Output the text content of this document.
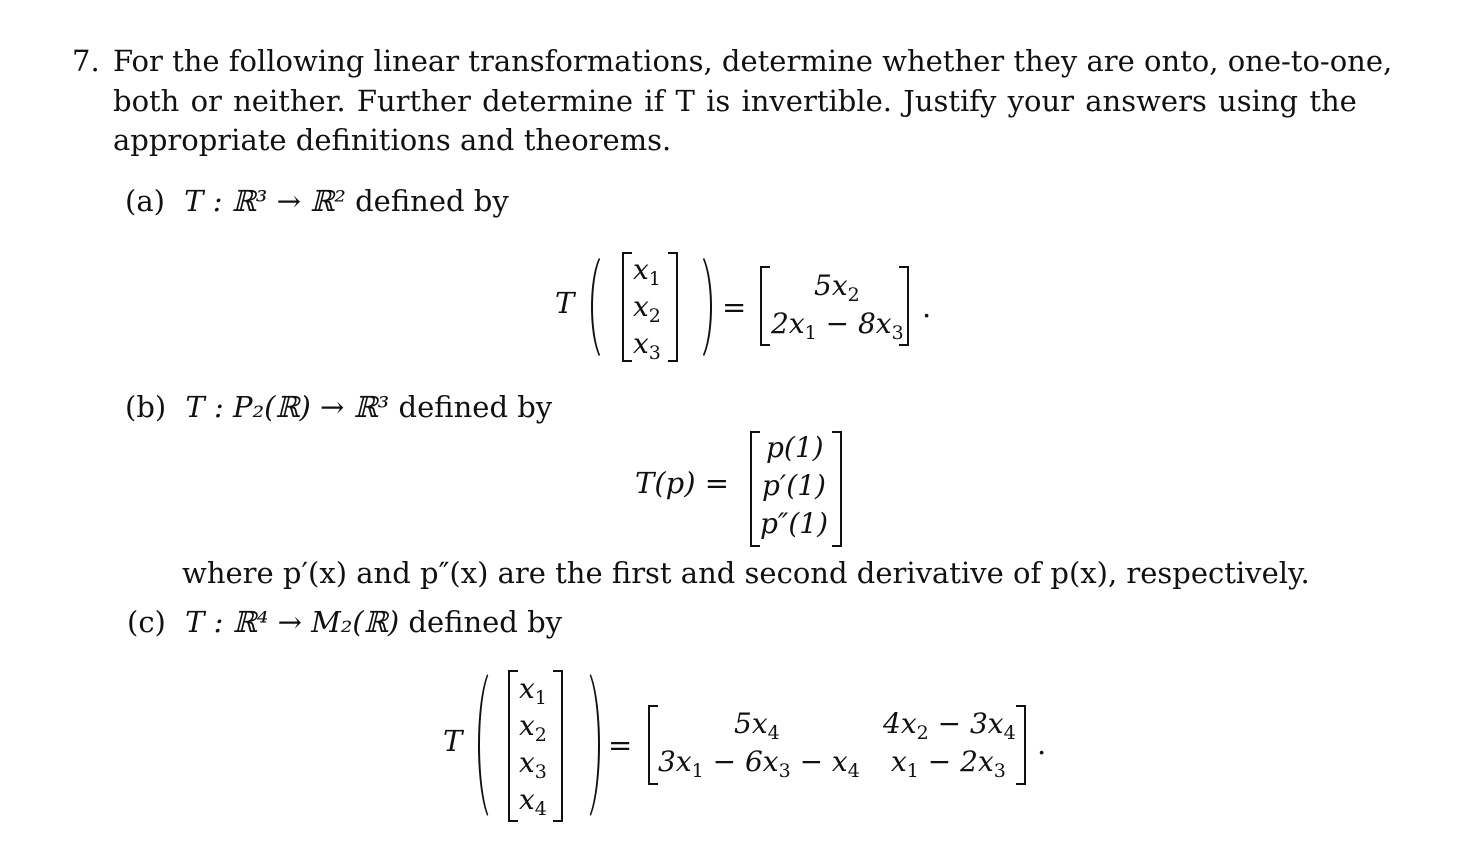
7. For the following linear transformations, determine whether they are onto, one-to-one,
both or neither. Further determine if T is invertible. Justify your answers using the
appropriate definitions and theorems.
(a) T : ℝ³ → ℝ² defined by
T
$x_1$
$x_2$
$x_3$
=
$5x_2$
$2x_1 - 8x_3$
.
(b) T : P₂(ℝ) → ℝ³ defined by
T(p) =
p(1)
p′(1)
p″(1)
where p′(x) and p″(x) are the first and second derivative of p(x), respectively.
(c) T : ℝ⁴ → M₂(ℝ) defined by
T
$x_1$
$x_2$
$x_3$
$x_4$
=
$5x_4$	$4x_2 - 3x_4$
$3x_1 - 6x_3 - x_4$ $x_1 - 2x_3$
.
